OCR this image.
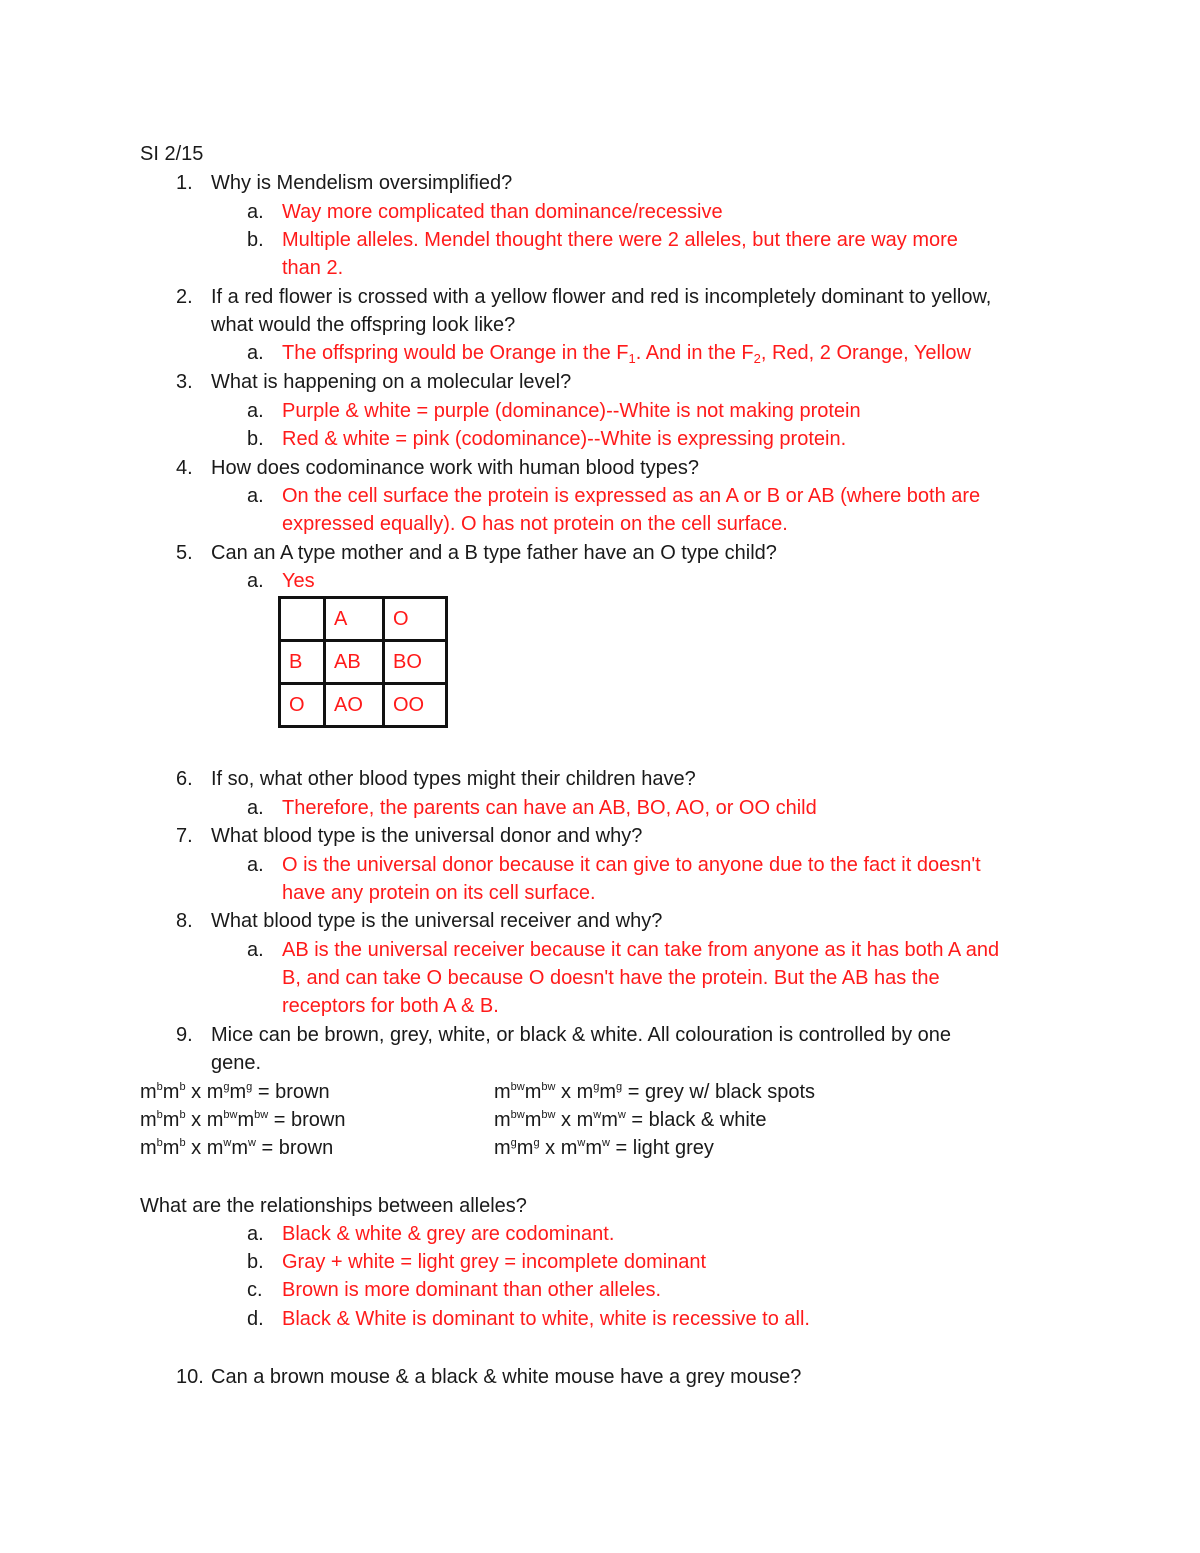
SI 2/15
1. Why is Mendelism oversimplified?
a. Way more complicated than dominance/recessive
b. Multiple alleles. Mendel thought there were 2 alleles, but there are way more
than 2.
2. If a red flower is crossed with a yellow flower and red is incompletely dominant to yellow,
what would the offspring look like?
a. The offspring would be Orange in the $F_1$. And in the $F_2$, Red, 2 Orange, Yellow
3. What is happening on a molecular level?
a. Purple & white = purple (dominance)--White is not making protein
b. Red & white = pink (codominance)--White is expressing protein.
4. How does codominance work with human blood types?
a. On the cell surface the protein is expressed as an A or B or AB (where both are
expressed equally). O has not protein on the cell surface.
5. Can an A type mother and a B type father have an O type child?
a. Yes
	A	O
B	AB	BO
O	AO	OO
6. If so, what other blood types might their children have?
a. Therefore, the parents can have an AB, BO, AO, or OO child
7. What blood type is the universal donor and why?
a. O is the universal donor because it can give to anyone due to the fact it doesn't
have any protein on its cell surface.
8. What blood type is the universal receiver and why?
a. AB is the universal receiver because it can take from anyone as it has both A and
B, and can take O because O doesn't have the protein. But the AB has the
receptors for both A & B.
9. Mice can be brown, grey, white, or black & white. All colouration is controlled by one
gene.
$m^bm^b$ x $m^gm^g$ = brown
$m^bm^b$ x $m^{bw}m^{bw}$ = brown
$m^bm^b$ x $m^wm^w$ = brown
$m^{bw}m^{bw}$ x $m^gm^g$ = grey w/ black spots
$m^{bw}m^{bw}$ x $m^wm^w$ = black & white
$m^gm^g$ x $m^wm^w$ = light grey
What are the relationships between alleles?
a. Black & white & grey are codominant.
b. Gray + white = light grey = incomplete dominant
c. Brown is more dominant than other alleles.
d. Black & White is dominant to white, white is recessive to all.
10. Can a brown mouse & a black & white mouse have a grey mouse?
